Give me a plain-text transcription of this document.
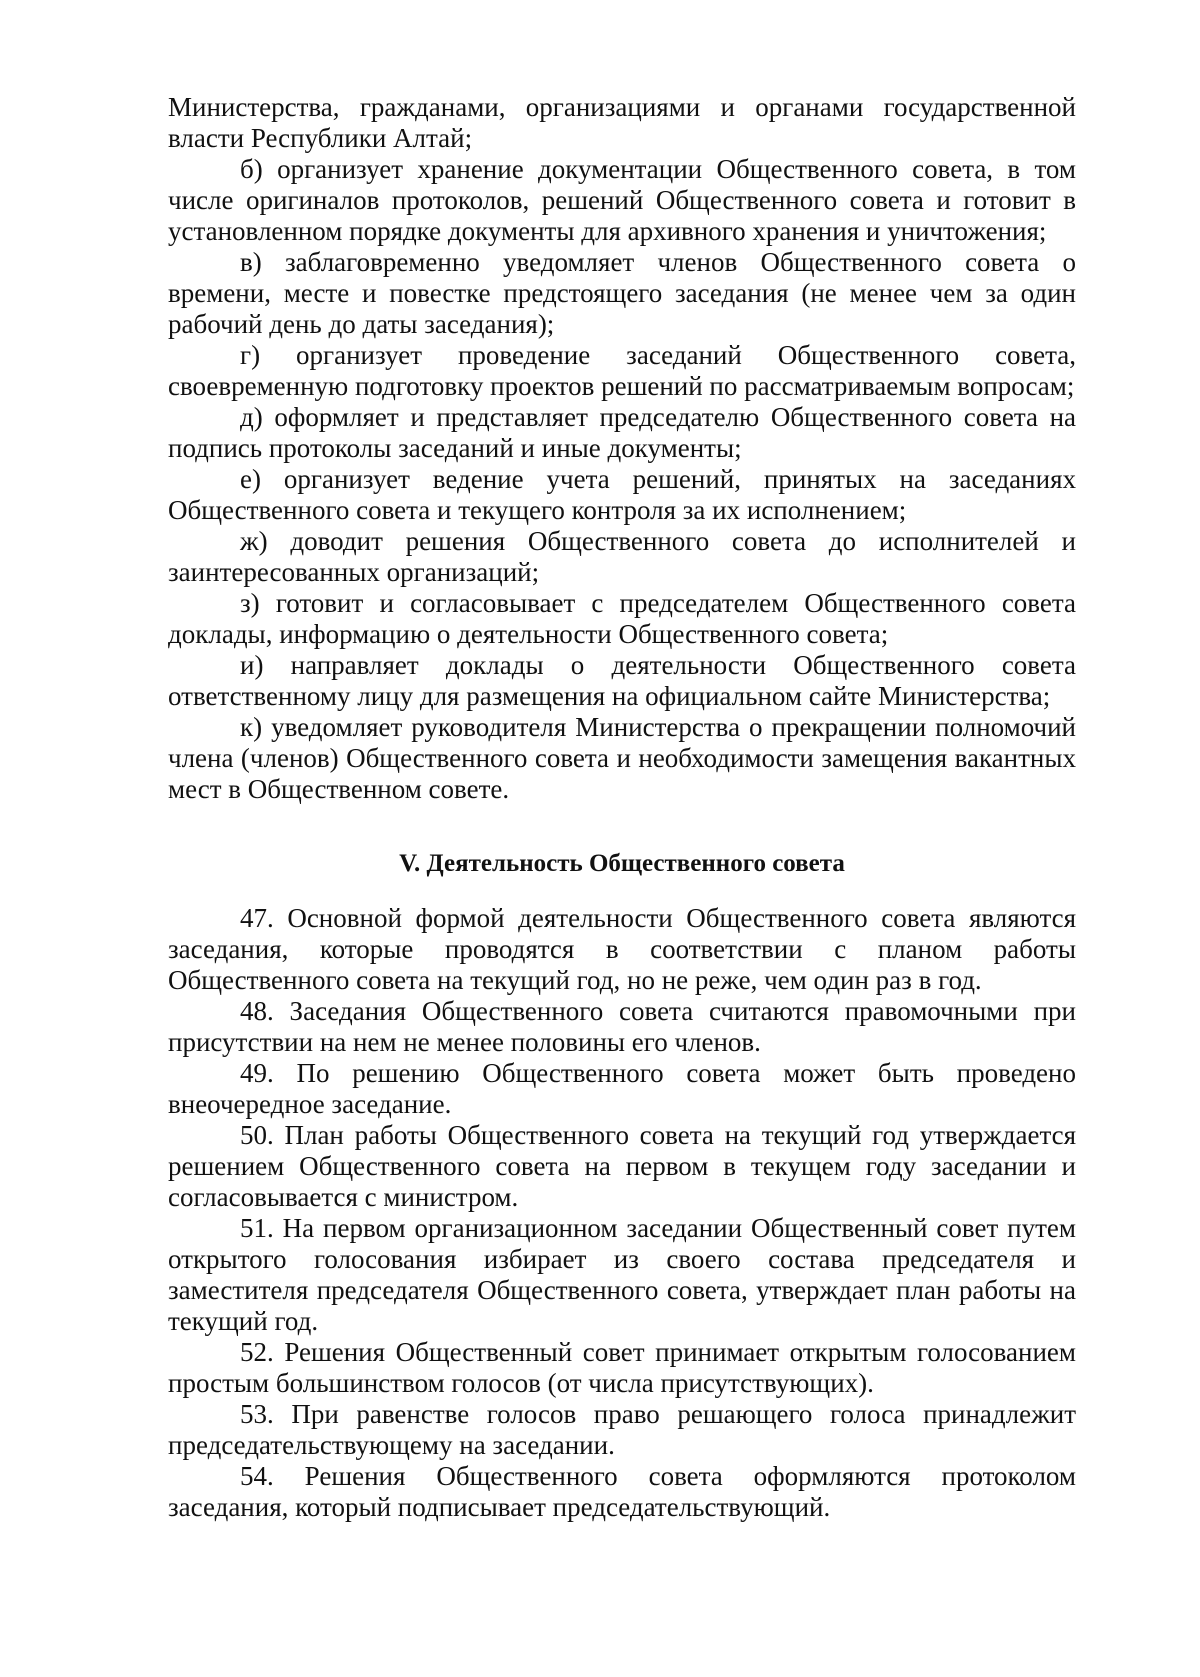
Министерства, гражданами, организациями и органами государственной власти Республики Алтай;

б) организует хранение документации Общественного совета, в том числе оригиналов протоколов, решений Общественного совета и готовит в установленном порядке документы для архивного хранения и уничтожения;

в) заблаговременно уведомляет членов Общественного совета о времени, месте и повестке предстоящего заседания (не менее чем за один рабочий день до даты заседания);

г) организует проведение заседаний Общественного совета, своевременную подготовку проектов решений по рассматриваемым вопросам;

д) оформляет и представляет председателю Общественного совета на подпись протоколы заседаний и иные документы;

е) организует ведение учета решений, принятых на заседаниях Общественного совета и текущего контроля за их исполнением;

ж) доводит решения Общественного совета до исполнителей и заинтересованных организаций;

з) готовит и согласовывает с председателем Общественного совета доклады, информацию о деятельности Общественного совета;

и) направляет доклады о деятельности Общественного совета ответственному лицу для размещения на официальном сайте Министерства;

к) уведомляет руководителя Министерства о прекращении полномочий члена (членов) Общественного совета и необходимости замещения вакантных мест в Общественном совете.

V. Деятельность Общественного совета

47. Основной формой деятельности Общественного совета являются заседания, которые проводятся в соответствии с планом работы Общественного совета на текущий год, но не реже, чем один раз в год.

48. Заседания Общественного совета считаются правомочными при присутствии на нем не менее половины его членов.

49. По решению Общественного совета может быть проведено внеочередное заседание.

50. План работы Общественного совета на текущий год утверждается решением Общественного совета на первом в текущем году заседании и согласовывается с министром.

51. На первом организационном заседании Общественный совет путем открытого голосования избирает из своего состава председателя и заместителя председателя Общественного совета, утверждает план работы на текущий год.

52. Решения Общественный совет принимает открытым голосованием простым большинством голосов (от числа присутствующих).

53. При равенстве голосов право решающего голоса принадлежит председательствующему на заседании.

54. Решения Общественного совета оформляются протоколом заседания, который подписывает председательствующий.
